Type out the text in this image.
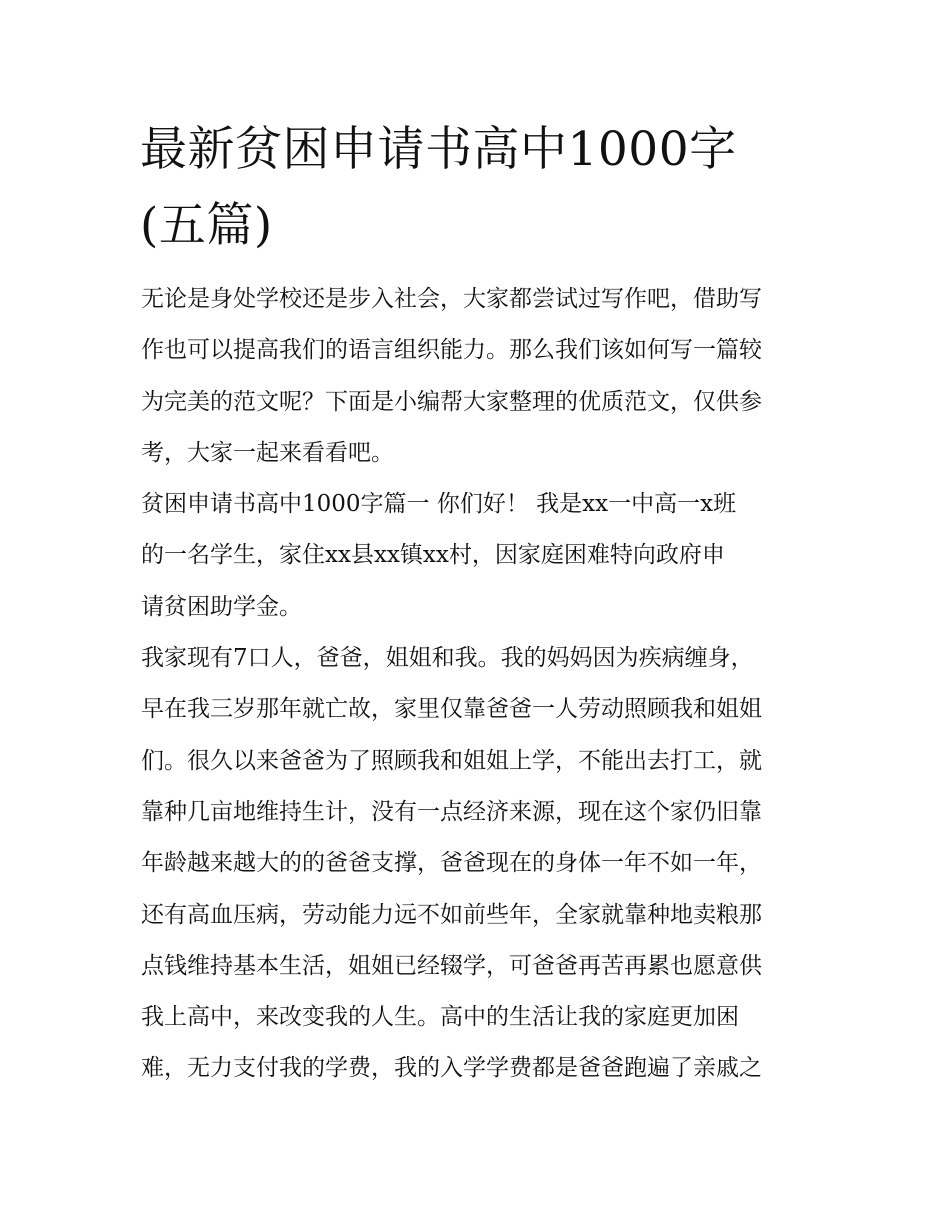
最新贫困申请书高中1000字
(五篇)
无论是身处学校还是步入社会，大家都尝试过写作吧，借助写
作也可以提高我们的语言组织能力。那么我们该如何写一篇较
为完美的范文呢？下面是小编帮大家整理的优质范文，仅供参
考，大家一起来看看吧。
贫困申请书高中1000字篇一 你们好！ 我是xx一中高一x班
的一名学生，家住xx县xx镇xx村，因家庭困难特向政府申
请贫困助学金。
我家现有7口人，爸爸，姐姐和我。我的妈妈因为疾病缠身，
早在我三岁那年就亡故，家里仅靠爸爸一人劳动照顾我和姐姐
们。很久以来爸爸为了照顾我和姐姐上学，不能出去打工，就
靠种几亩地维持生计，没有一点经济来源，现在这个家仍旧靠
年龄越来越大的的爸爸支撑，爸爸现在的身体一年不如一年，
还有高血压病，劳动能力远不如前些年，全家就靠种地卖粮那
点钱维持基本生活，姐姐已经辍学，可爸爸再苦再累也愿意供
我上高中，来改变我的人生。高中的生活让我的家庭更加困
难，无力支付我的学费，我的入学学费都是爸爸跑遍了亲戚之
